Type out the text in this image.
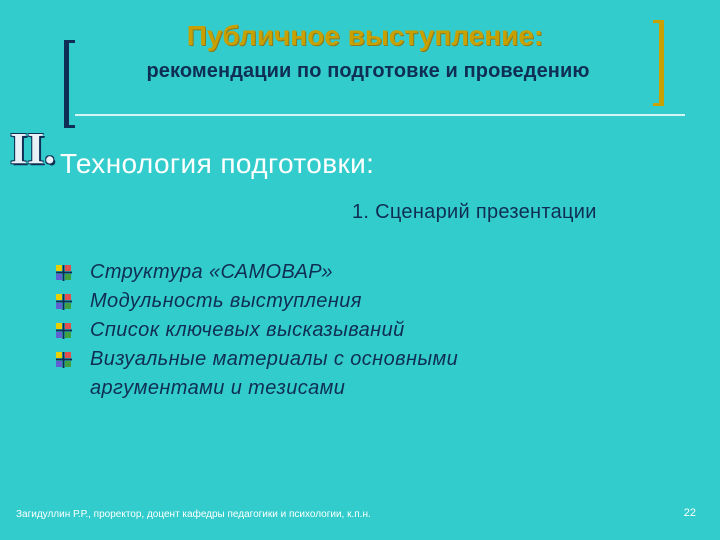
Публичное выступление:
рекомендации по подготовке и проведению
II. Технология подготовки:
1. Сценарий презентации
Структура «САМОВАР»
Модульность выступления
Список ключевых высказываний
Визуальные материалы с основными аргументами и тезисами
Загидуллин Р.Р., проректор, доцент кафедры педагогики и психологии, к.п.н.	22
